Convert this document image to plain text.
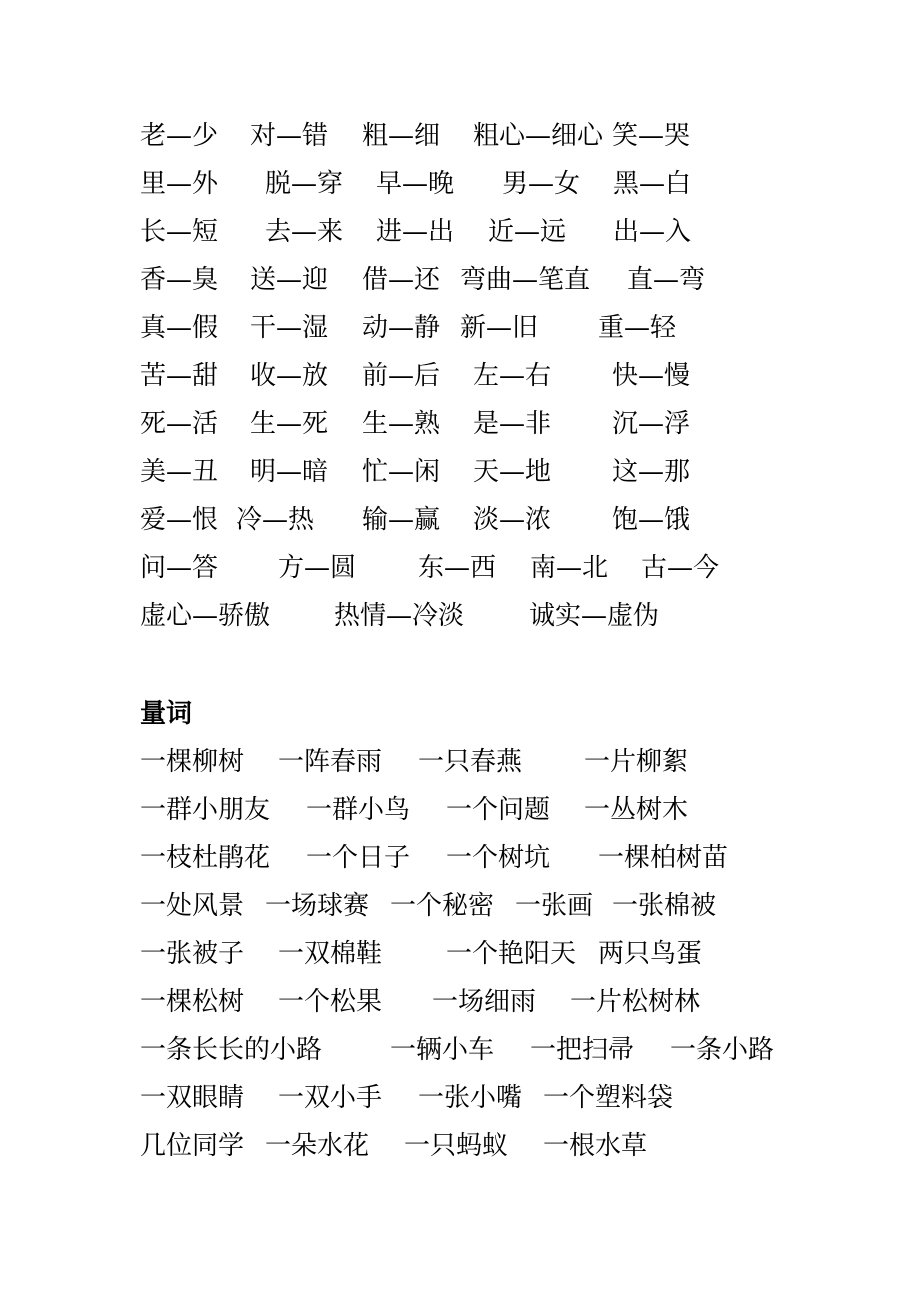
老—少 对—错 粗—细 粗心—细心 笑—哭
里—外 脱—穿 早—晚 男—女 黑—白
长—短 去—来 进—出 近—远 出—入
香—臭 送—迎 借—还 弯曲—笔直 直—弯
真—假 干—湿 动—静 新—旧 重—轻
苦—甜 收—放 前—后 左—右 快—慢
死—活 生—死 生—熟 是—非 沉—浮
美—丑 明—暗 忙—闲 天—地 这—那
爱—恨 冷—热 输—赢 淡—浓 饱—饿
问—答 方—圆 东—西 南—北 古—今
虚心—骄傲 热情—冷淡 诚实—虚伪
量词
一棵柳树 一阵春雨 一只春燕 一片柳絮
一群小朋友 一群小鸟 一个问题 一丛树木
一枝杜鹃花 一个日子 一个树坑 一棵柏树苗
一处风景 一场球赛 一个秘密 一张画 一张棉被
一张被子 一双棉鞋 一个艳阳天 两只鸟蛋
一棵松树 一个松果 一场细雨 一片松树林
一条长长的小路	一辆小车 一把扫帚 一条小路
一双眼睛 一双小手 一张小嘴 一个塑料袋
几位同学 一朵水花 一只蚂蚁 一根水草
